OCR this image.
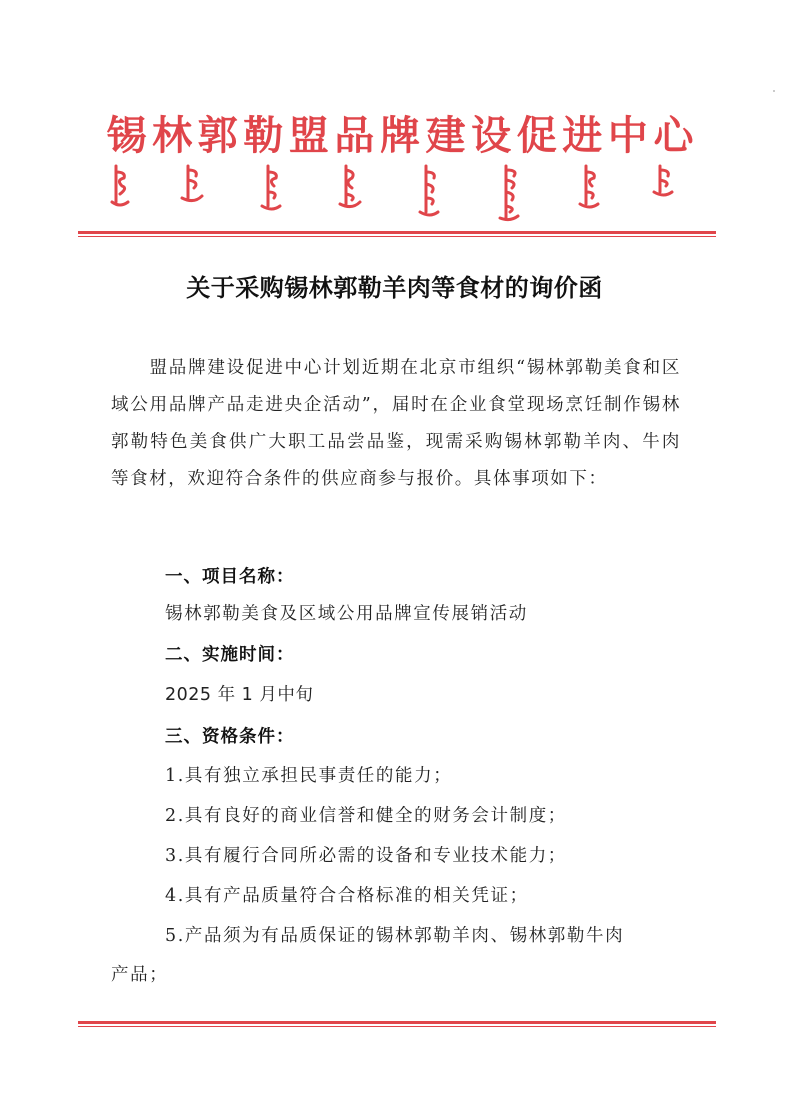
锡 林 郭 勒 盟 品 牌 建 设 促 进 中 心
关于采购锡林郭勒羊肉等食材的询价函

盟品牌建设促进中心计划近期在北京市组织“锡林郭勒美食和区域公用品牌产品走进央企活动”，届时在企业食堂现场烹饪制作锡林郭勒特色美食供广大职工品尝品鉴，现需采购锡林郭勒羊肉、牛肉等食材，欢迎符合条件的供应商参与报价。具体事项如下：

一、项目名称：
锡林郭勒美食及区域公用品牌宣传展销活动
二、实施时间：
2025 年 1 月中旬
三、资格条件：
1.具有独立承担民事责任的能力；
2.具有良好的商业信誉和健全的财务会计制度；
3.具有履行合同所必需的设备和专业技术能力；
4.具有产品质量符合合格标准的相关凭证；
5.产品须为有品质保证的锡林郭勒羊肉、锡林郭勒牛肉
产品；
